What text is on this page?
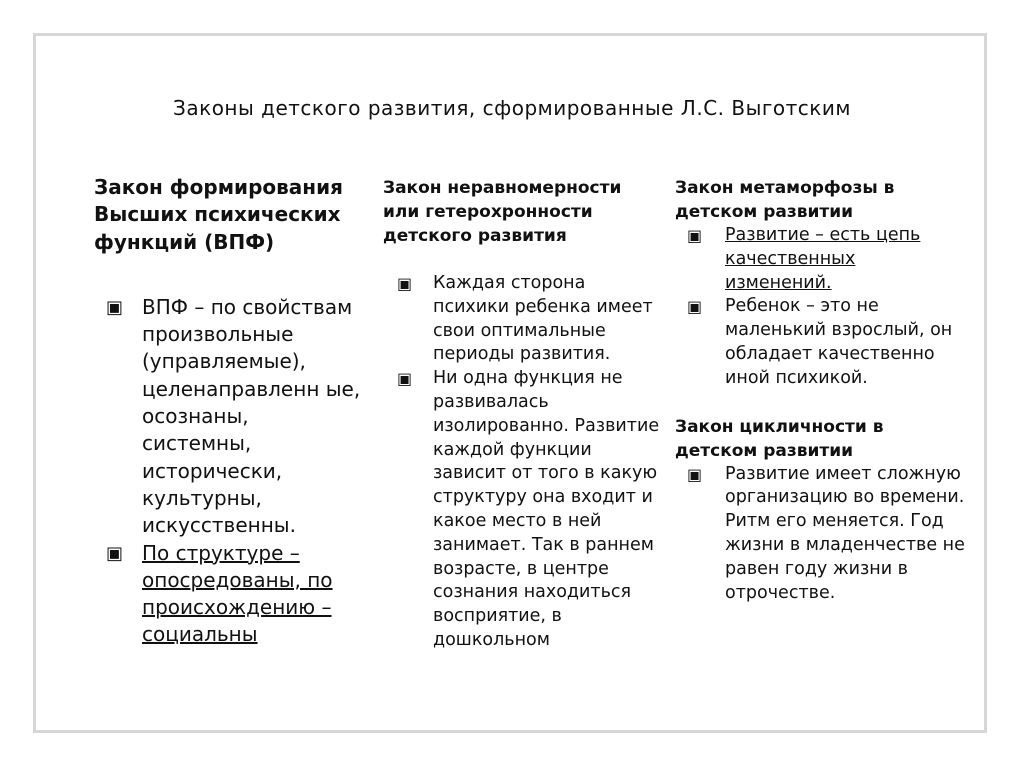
Законы детского развития, сформированные Л.С. Выготским

Закон формирования Высших психических функций (ВПФ)

▣ ВПФ – по свойствам произвольные (управляемые), целенаправленн ые, осознаны, системны, исторически, культурны, искусственны.
▣ По структуре – опосредованы, по происхождению – социальны

Закон неравномерности или гетерохронности детского развития

▣ Каждая сторона психики ребенка имеет свои оптимальные периоды развития.
▣ Ни одна функция не развивалась изолированно. Развитие каждой функции зависит от того в какую структуру она входит и какое место в ней занимает. Так в раннем возрасте, в центре сознания находиться восприятие, в дошкольном

Закон метаморфозы в детском развитии

▣ Развитие – есть цепь качественных изменений.
▣ Ребенок – это не маленький взрослый, он обладает качественно иной психикой.

Закон цикличности в детском развитии

▣ Развитие имеет сложную организацию во времени. Ритм его меняется. Год жизни в младенчестве не равен году жизни в отрочестве.
